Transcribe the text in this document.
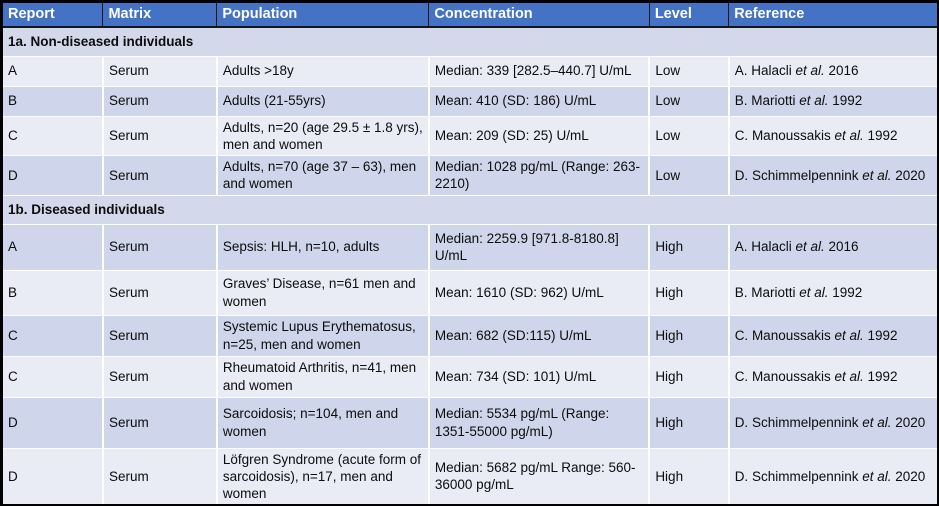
Report	Matrix	Population	Concentration	Level	Reference
1a. Non-diseased individuals					
A	Serum	Adults >18y	Median: 339 [282.5–440.7] U/mL	Low	A. Halacli et al. 2016
B	Serum	Adults (21-55yrs)	Mean: 410 (SD: 186) U/mL	Low	B. Mariotti et al. 1992
C	Serum	Adults, n=20 (age 29.5 ± 1.8 yrs), men and women	Mean: 209 (SD: 25) U/mL	Low	C. Manoussakis et al. 1992
D	Serum	Adults, n=70 (age 37 – 63), men and women	Median: 1028 pg/mL (Range: 263-2210)	Low	D. Schimmelpennink et al. 2020
1b. Diseased individuals					
A	Serum	Sepsis: HLH, n=10, adults	Median: 2259.9 [971.8-8180.8] U/mL	High	A. Halacli et al. 2016
B	Serum	Graves’ Disease, n=61 men and women	Mean: 1610 (SD: 962) U/mL	High	B. Mariotti et al. 1992
C	Serum	Systemic Lupus Erythematosus, n=25, men and women	Mean: 682 (SD:115) U/mL	High	C. Manoussakis et al. 1992
C	Serum	Rheumatoid Arthritis, n=41, men and women	Mean: 734 (SD: 101) U/mL	High	C. Manoussakis et al. 1992
D	Serum	Sarcoidosis; n=104, men and women	Median: 5534 pg/mL (Range: 1351-55000 pg/mL)	High	D. Schimmelpennink et al. 2020
D	Serum	Löfgren Syndrome (acute form of sarcoidosis), n=17, men and women	Median: 5682 pg/mL Range: 560-36000 pg/mL	High	D. Schimmelpennink et al. 2020
